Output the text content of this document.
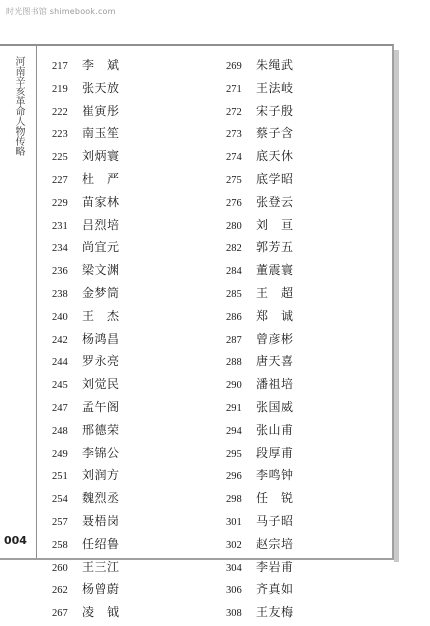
时光图书馆 shimebook.com
河南辛亥革命人物传略
004
217	李　斌
219	张天放
222	崔寅彤
223	南玉笙
225	刘炳寰
227	杜　严
229	苗家林
231	吕烈培
234	尚宜元
236	梁文渊
238	金梦筒
240	王　杰
242	杨鸿昌
244	罗永亮
245	刘觉民
247	孟午阁
248	邢德荣
249	李锦公
251	刘润方
254	魏烈丞
257	聂梧岗
258	任绍鲁
260	王三江
262	杨曾蔚
267	凌　钺
269	朱绳武
271	王法岐
272	宋子殷
273	蔡子含
274	底天休
275	底学昭
276	张登云
280	刘　亘
282	郭芳五
284	董震寰
285	王　超
286	郑　诚
287	曾彦彬
288	唐天喜
290	潘祖培
291	张国威
294	张山甫
295	段厚甫
296	李鸣钟
298	任　锐
301	马子昭
302	赵宗培
304	李岩甫
306	齐真如
308	王友梅
